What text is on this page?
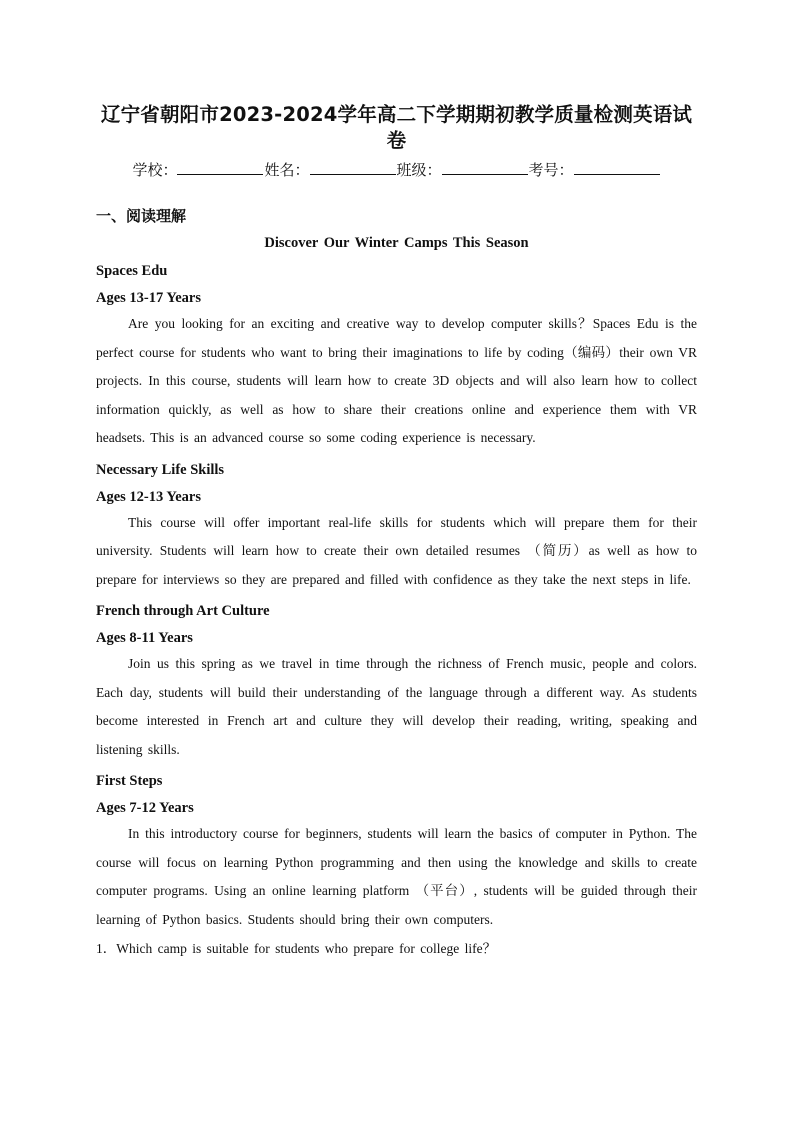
辽宁省朝阳市2023-2024学年高二下学期期初教学质量检测英语试卷
学校：	姓名：	班级：	考号：
一、阅读理解
Discover Our Winter Camps This Season
Spaces Edu
Ages 13-17 Years
Are you looking for an exciting and creative way to develop computer skills？Spaces Edu is the perfect course for students who want to bring their imaginations to life by coding（编码）their own VR projects. In this course, students will learn how to create 3D objects and will also learn how to collect information quickly, as well as how to share their creations online and experience them with VR headsets. This is an advanced course so some coding experience is necessary.
Necessary Life Skills
Ages 12-13 Years
This course will offer important real-life skills for students which will prepare them for their university. Students will learn how to create their own detailed resumes （简历）as well as how to prepare for interviews so they are prepared and filled with confidence as they take the next steps in life.
French through Art Culture
Ages 8-11 Years
Join us this spring as we travel in time through the richness of French music, people and colors. Each day, students will build their understanding of the language through a different way. As students become interested in French art and culture they will develop their reading, writing, speaking and listening skills.
First Steps
Ages 7-12 Years
In this introductory course for beginners, students will learn the basics of computer in Python. The course will focus on learning Python programming and then using the knowledge and skills to create computer programs. Using an online learning platform （平台）, students will be guided through their learning of Python basics. Students should bring their own computers.
1．Which camp is suitable for students who prepare for college life？
